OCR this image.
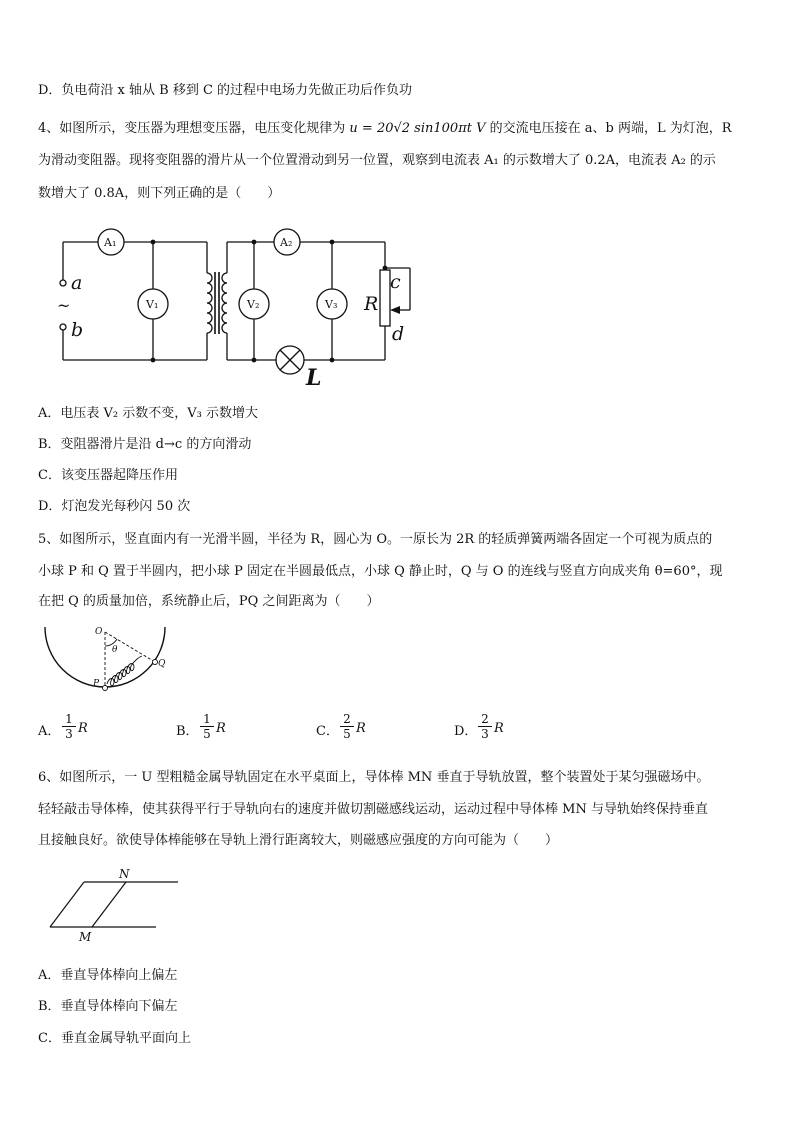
D．负电荷沿 x 轴从 B 移到 C 的过程中电场力先做正功后作负功
4、如图所示，变压器为理想变压器，电压变化规律为 u = 20√2 sin100πt V 的交流电压接在 a、b 两端，L 为灯泡，R
为滑动变阻器。现将变阻器的滑片从一个位置滑动到另一位置，观察到电流表 A₁ 的示数增大了 0.2A，电流表 A₂ 的示
数增大了 0.8A，则下列正确的是（　　）
A₁	A₂
V₁	V₂	V₃
a
b
R
c
d
~
L
A．电压表 V₂ 示数不变，V₃ 示数增大
B．变阻器滑片是沿 d→c 的方向滑动
C．该变压器起降压作用
D．灯泡发光每秒闪 50 次
5、如图所示，竖直面内有一光滑半圆，半径为 R，圆心为 O。一原长为 2R 的轻质弹簧两端各固定一个可视为质点的
小球 P 和 Q 置于半圆内，把小球 P 固定在半圆最低点，小球 Q 静止时，Q 与 O 的连线与竖直方向成夹角 θ=60°，现
在把 Q 的质量加倍，系统静止后，PQ 之间距离为（　　）
O
θ
Q
P
A． $\frac{1}{3}$ R	B． $\frac{1}{5}$ R	C． $\frac{2}{5}$ R	D． $\frac{2}{3}$ R
6、如图所示，一 U 型粗糙金属导轨固定在水平桌面上，导体棒 MN 垂直于导轨放置，整个装置处于某匀强磁场中。
轻轻敲击导体棒，使其获得平行于导轨向右的速度并做切割磁感线运动，运动过程中导体棒 MN 与导轨始终保持垂直
且接触良好。欲使导体棒能够在导轨上滑行距离较大，则磁感应强度的方向可能为（　　）
N
M
A．垂直导体棒向上偏左
B．垂直导体棒向下偏左
C．垂直金属导轨平面向上
